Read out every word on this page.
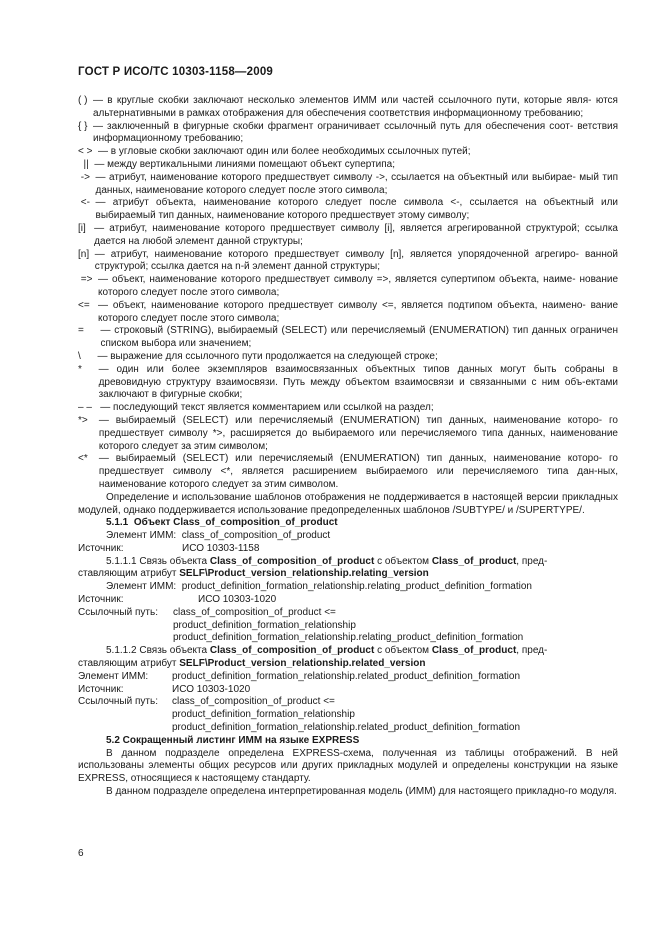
ГОСТ Р ИСО/ТС 10303-1158—2009
( ) — в круглые скобки заключают несколько элементов ИММ или частей ссылочного пути, которые явля- ются альтернативными в рамках отображения для обеспечения соответствия информационному требованию;
{ } — заключенный в фигурные скобки фрагмент ограничивает ссылочный путь для обеспечения соот- ветствия информационному требованию;
< > — в угловые скобки заключают один или более необходимых ссылочных путей;
|| — между вертикальными линиями помещают объект супертипа;
-> — атрибут, наименование которого предшествует символу ->, ссылается на объектный или выбирае- мый тип данных, наименование которого следует после этого символа;
<- — атрибут объекта, наименование которого следует после символа <-, ссылается на объектный или выбираемый тип данных, наименование которого предшествует этому символу;
[i] — атрибут, наименование которого предшествует символу [i], является агрегированной структурой; ссылка дается на любой элемент данной структуры;
[n] — атрибут, наименование которого предшествует символу [n], является упорядоченной агрегиро- ванной структурой; ссылка дается на n-й элемент данной структуры;
=> — объект, наименование которого предшествует символу =>, является супертипом объекта, наиме- нование которого следует после этого символа;
<= — объект, наименование которого предшествует символу <=, является подтипом объекта, наимено- вание которого следует после этого символа;
= — строковый (STRING), выбираемый (SELECT) или перечисляемый (ENUMERATION) тип данных ограничен списком выбора или значением;
\ — выражение для ссылочного пути продолжается на следующей строке;
* — один или более экземпляров взаимосвязанных объектных типов данных могут быть собраны в древовидную структуру взаимосвязи. Путь между объектом взаимосвязи и связанными с ним объ-ектами заключают в фигурные скобки;
– – — последующий текст является комментарием или ссылкой на раздел;
*> — выбираемый (SELECT) или перечисляемый (ENUMERATION) тип данных, наименование которо- го предшествует символу *>, расширяется до выбираемого или перечисляемого типа данных, наименование которого следует за этим символом;
<* — выбираемый (SELECT) или перечисляемый (ENUMERATION) тип данных, наименование которо- го предшествует символу <*, является расширением выбираемого или перечисляемого типа дан-ных, наименование которого следует за этим символом.

Определение и использование шаблонов отображения не поддерживается в настоящей версии прикладных модулей, однако поддерживается использование предопределенных шаблонов /SUBTYPE/ и /SUPERTYPE/.

5.1.1 Объект Class_of_composition_of_product
Элемент ИММ: class_of_composition_of_product
Источник:	ИСО 10303-1158
5.1.1.1 Связь объекта Class_of_composition_of_product с объектом Class_of_product, пред-
ставляющим атрибут SELF\Product_version_relationship.relating_version
Элемент ИММ: product_definition_formation_relationship.relating_product_definition_formation
Источник:	ИСО 10303-1020
Ссылочный путь:	class_of_composition_of_product <=
product_definition_formation_relationship
product_definition_formation_relationship.relating_product_definition_formation
5.1.1.2 Связь объекта Class_of_composition_of_product с объектом Class_of_product, пред-
ставляющим атрибут SELF\Product_version_relationship.related_version
Элемент ИММ:	product_definition_formation_relationship.related_product_definition_formation
Источник:	ИСО 10303-1020
Ссылочный путь:	class_of_composition_of_product <=
product_definition_formation_relationship
product_definition_formation_relationship.related_product_definition_formation
5.2 Сокращенный листинг ИММ на языке EXPRESS

В данном подразделе определена EXPRESS-схема, полученная из таблицы отображений. В ней использованы элементы общих ресурсов или других прикладных модулей и определены конструкции на языке EXPRESS, относящиеся к настоящему стандарту.

В данном подразделе определена интерпретированная модель (ИММ) для настоящего прикладно-го модуля.

6
